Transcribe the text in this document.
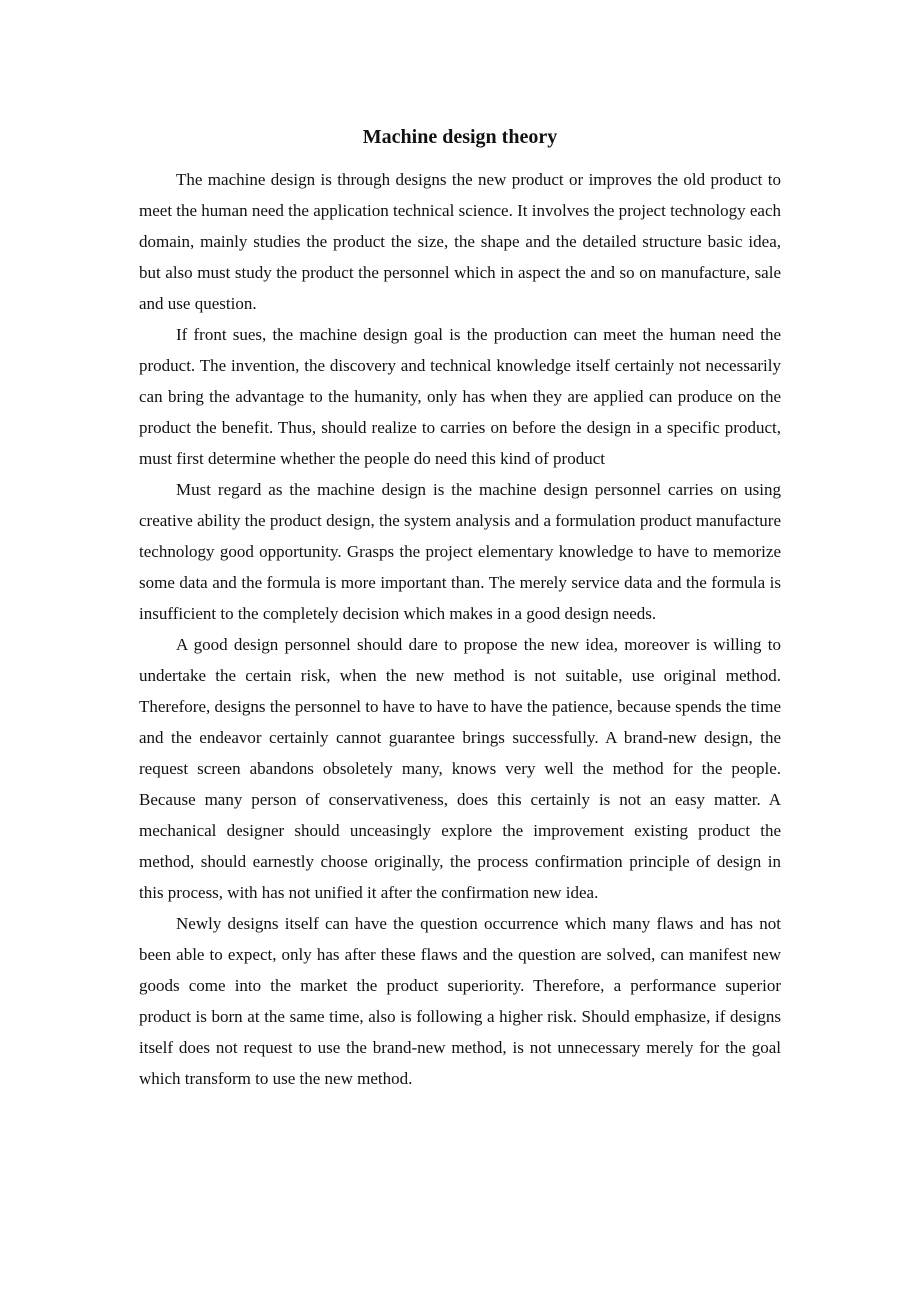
Machine design theory

The machine design is through designs the new product or improves the old product to meet the human need the application technical science. It involves the project technology each domain, mainly studies the product the size, the shape and the detailed structure basic idea, but also must study the product the personnel which in aspect the and so on manufacture, sale and use question.

If front sues, the machine design goal is the production can meet the human need the product. The invention, the discovery and technical knowledge itself certainly not necessarily can bring the advantage to the humanity, only has when they are applied can produce on the product the benefit. Thus, should realize to carries on before the design in a specific product, must first determine whether the people do need this kind of product

Must regard as the machine design is the machine design personnel carries on using creative ability the product design, the system analysis and a formulation product manufacture technology good opportunity. Grasps the project elementary knowledge to have to memorize some data and the formula is more important than. The merely service data and the formula is insufficient to the completely decision which makes in a good design needs.

A good design personnel should dare to propose the new idea, moreover is willing to undertake the certain risk, when the new method is not suitable, use original method. Therefore, designs the personnel to have to have to have the patience, because spends the time and the endeavor certainly cannot guarantee brings successfully. A brand-new design, the request screen abandons obsoletely many, knows very well the method for the people. Because many person of conservativeness, does this certainly is not an easy matter. A mechanical designer should unceasingly explore the improvement existing product the method, should earnestly choose originally, the process confirmation principle of design in this process, with has not unified it after the confirmation new idea.

Newly designs itself can have the question occurrence which many flaws and has not been able to expect, only has after these flaws and the question are solved, can manifest new goods come into the market the product superiority. Therefore, a performance superior product is born at the same time, also is following a higher risk. Should emphasize, if designs itself does not request to use the brand-new method, is not unnecessary merely for the goal which transform to use the new method.
